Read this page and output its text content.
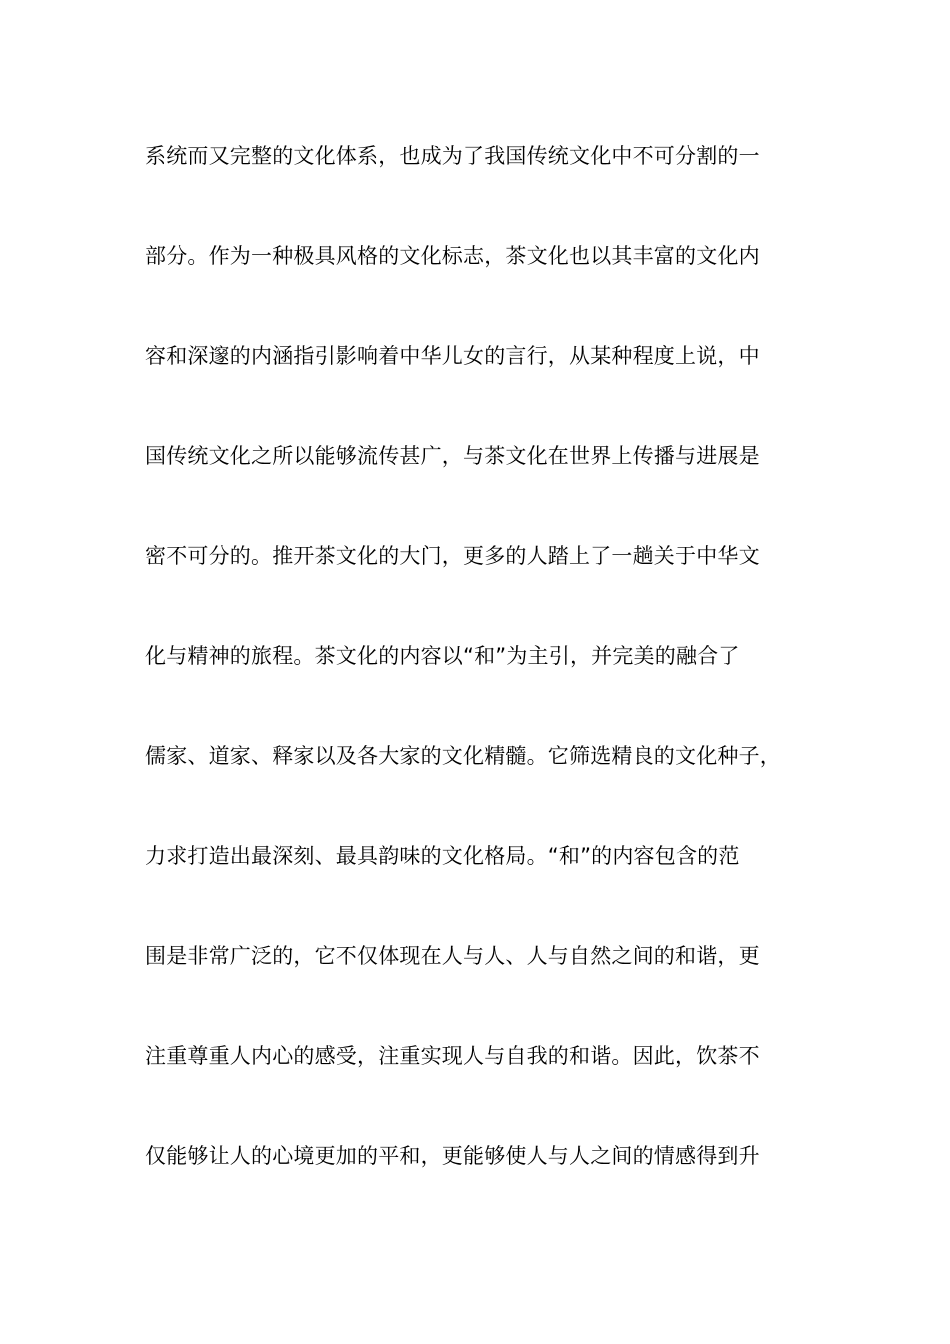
系统而又完整的文化体系，也成为了我国传统文化中不可分割的一
部分。作为一种极具风格的文化标志，茶文化也以其丰富的文化内
容和深邃的内涵指引影响着中华儿女的言行，从某种程度上说，中
国传统文化之所以能够流传甚广，与茶文化在世界上传播与进展是
密不可分的。推开茶文化的大门，更多的人踏上了一趟关于中华文
化与精神的旅程。茶文化的内容以“和”为主引，并完美的融合了
儒家、道家、释家以及各大家的文化精髓。它筛选精良的文化种子，
力求打造出最深刻、最具韵味的文化格局。“和”的内容包含的范
围是非常广泛的，它不仅体现在人与人、人与自然之间的和谐，更
注重尊重人内心的感受，注重实现人与自我的和谐。因此，饮茶不
仅能够让人的心境更加的平和，更能够使人与人之间的情感得到升
